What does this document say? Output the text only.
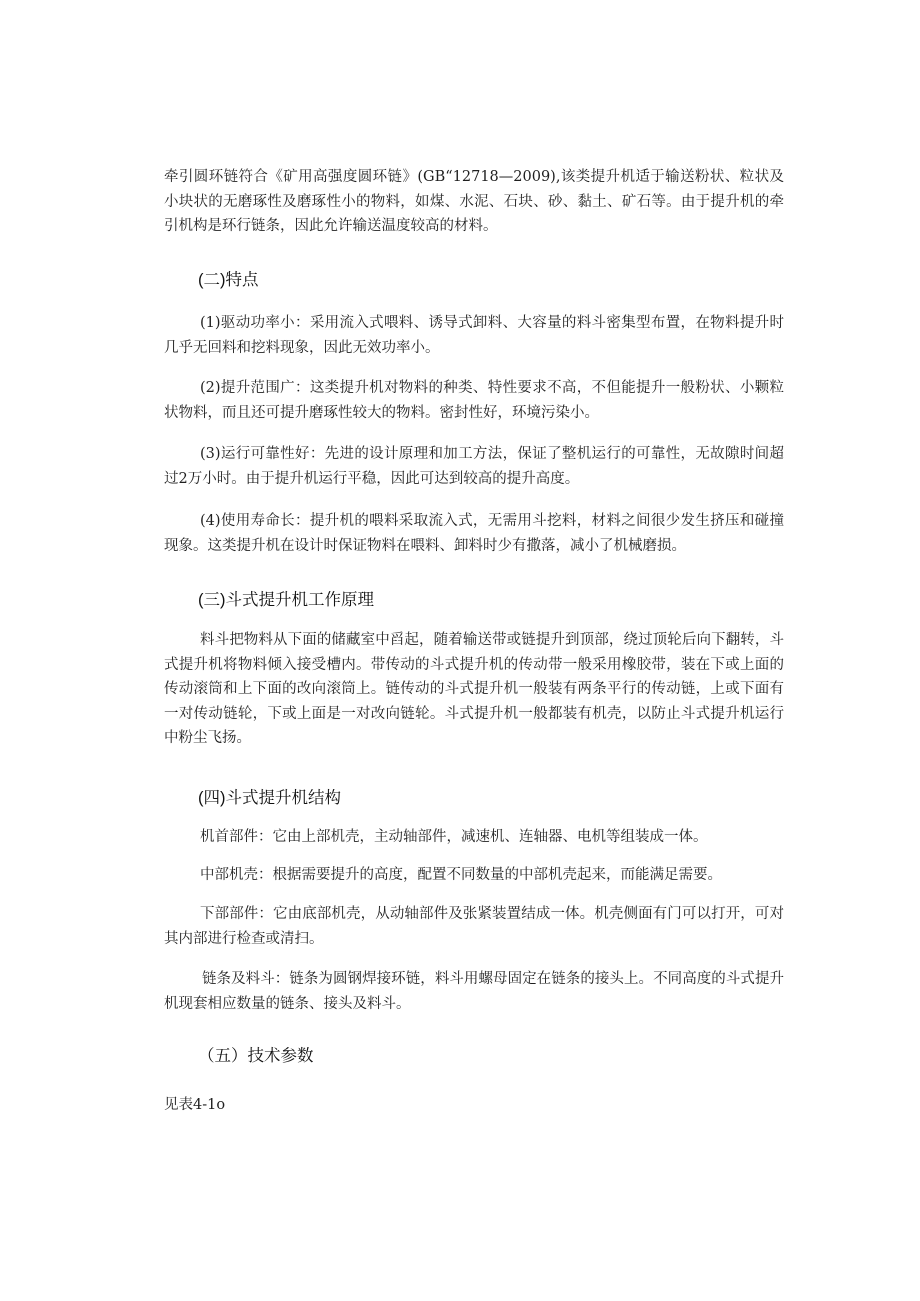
牵引圆环链符合《矿用高强度圆环链》(GB“12718—2009),该类提升机适于输送粉状、粒状及小块状的无磨琢性及磨琢性小的物料，如煤、水泥、石块、砂、黏土、矿石等。由于提升机的牵引机构是环行链条，因此允许输送温度较高的材料。

(二)特点

(1)驱动功率小：采用流入式喂料、诱导式卸料、大容量的料斗密集型布置，在物料提升时几乎无回料和挖料现象，因此无效功率小。

(2)提升范围广：这类提升机对物料的种类、特性要求不高，不但能提升一般粉状、小颗粒状物料，而且还可提升磨琢性较大的物料。密封性好，环境污染小。

(3)运行可靠性好：先进的设计原理和加工方法，保证了整机运行的可靠性，无故隙时间超过2万小时。由于提升机运行平稳，因此可达到较高的提升高度。

(4)使用寿命长：提升机的喂料采取流入式，无需用斗挖料，材料之间很少发生挤压和碰撞现象。这类提升机在设计时保证物料在喂料、卸料时少有撒落，减小了机械磨损。

(三)斗式提升机工作原理

料斗把物料从下面的储藏室中舀起，随着输送带或链提升到顶部，绕过顶轮后向下翻转，斗式提升机将物料倾入接受槽内。带传动的斗式提升机的传动带一般采用橡胶带，装在下或上面的传动滚筒和上下面的改向滚筒上。链传动的斗式提升机一般装有两条平行的传动链，上或下面有一对传动链轮，下或上面是一对改向链轮。斗式提升机一般都装有机壳，以防止斗式提升机运行中粉尘飞扬。

(四)斗式提升机结构

机首部件：它由上部机壳，主动轴部件，减速机、连轴器、电机等组装成一体。

中部机壳：根据需要提升的高度，配置不同数量的中部机壳起来，而能满足需要。

下部部件：它由底部机壳，从动轴部件及张紧装置结成一体。机壳侧面有门可以打开，可对其内部进行检查或清扫。

链条及料斗：链条为圆钢焊接环链，料斗用螺母固定在链条的接头上。不同高度的斗式提升机现套相应数量的链条、接头及料斗。

（五）技术参数

见表4-1o
